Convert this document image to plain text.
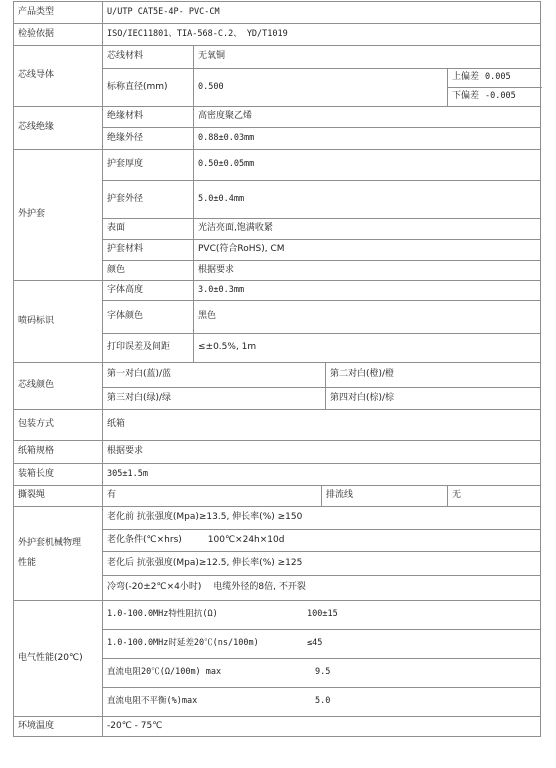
产品类型	U/UTP CAT5E-4P- PVC-CM				
检验依据	ISO/IEC11801、TIA-568-C.2、 YD/T1019				
芯线导体	芯线材料	无氧铜			
	标称直径(mm)	0.500			上偏差 0.005
					下偏差 -0.005
芯线绝缘	绝缘材料	高密度聚乙烯			
	绝缘外径	0.88±0.03mm			
外护套	护套厚度	0.50±0.05mm			
	护套外径	5.0±0.4mm			
	表面	光洁亮面,饱满收紧			
	护套材料	PVC(符合RoHS), CM			
	颜色	根据要求			
喷码标识	字体高度	3.0±0.3mm			
	字体颜色	黑色			
	打印误差及间距	≤±0.5%, 1m			
芯线颜色	第一对白(蓝)/蓝			第二对白(橙)/橙	
	第三对白(绿)/绿			第四对白(棕)/棕	
包装方式	纸箱				
纸箱规格	根据要求				
装箱长度	305±1.5m				
撕裂绳	有		排流线		无
外护套机械物理
性能	老化前 抗张强度(Mpa)≥13.5, 伸长率(%) ≥150				
	老化条件(℃×hrs) 100℃×24h×10d				
	老化后 抗张强度(Mpa)≥12.5, 伸长率(%) ≥125				
	冷弯(-20±2℃×4小时) 电缆外径的8倍, 不开裂				
电气性能(20℃)	1.0-100.0MHz特性阻抗(Ω) 100±15				
	1.0-100.0MHz时延差20℃(ns/100m) ≤45				
	直流电阻20℃(Ω/100m) max 9.5				
	直流电阻不平衡(%)max 5.0				
环境温度	-20℃ - 75℃				
